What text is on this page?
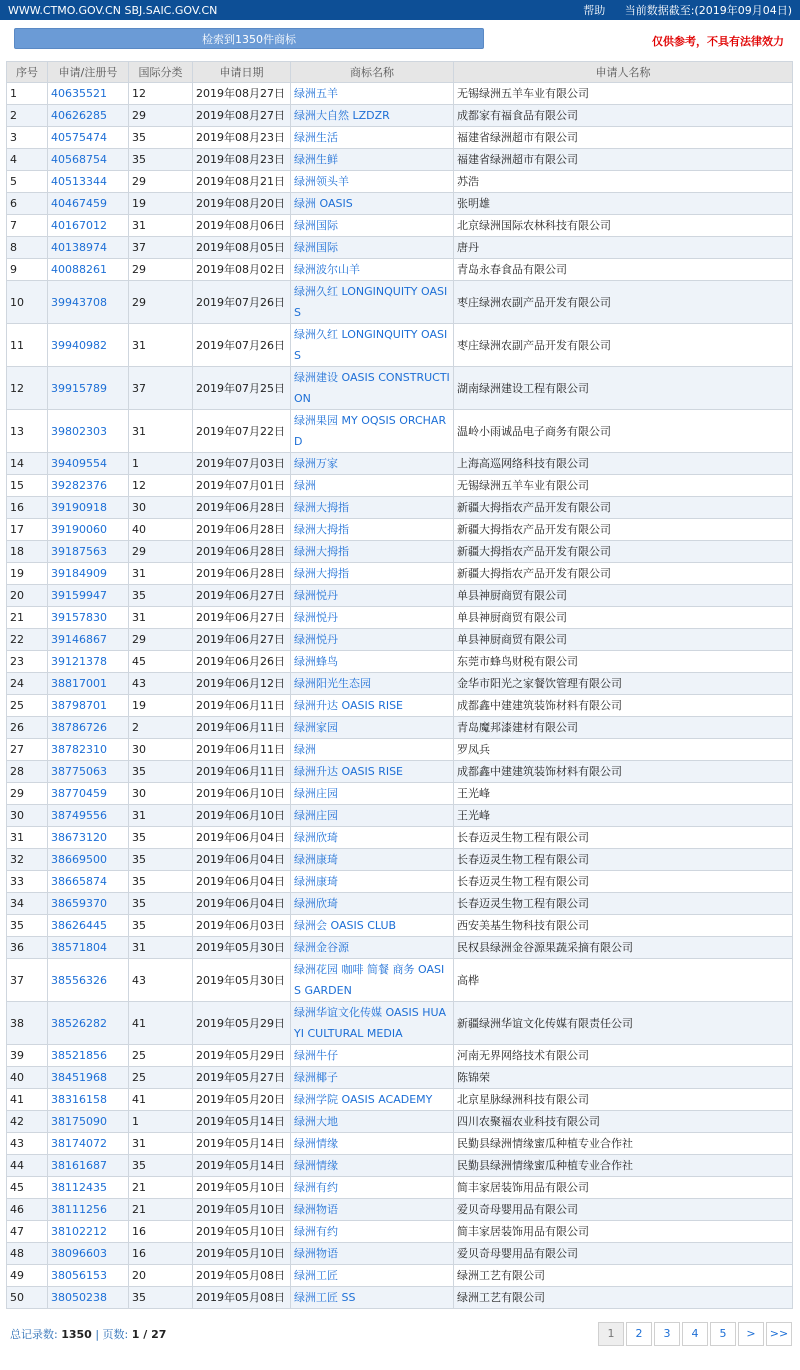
WWW.CTMO.GOV.CN SBJ.SAIC.GOV.CN	帮助 当前数据截至:(2019年09月04日)
检索到1350件商标	仅供参考，不具有法律效力
序号	申请/注册号	国际分类	申请日期	商标名称	申请人名称
1	40635521	12	2019年08月27日	绿洲五羊	无锡绿洲五羊车业有限公司
2	40626285	29	2019年08月27日	绿洲大自然 LZDZR	成都家有福食品有限公司
3	40575474	35	2019年08月23日	绿洲生活	福建省绿洲超市有限公司
4	40568754	35	2019年08月23日	绿洲生鲜	福建省绿洲超市有限公司
5	40513344	29	2019年08月21日	绿洲领头羊	苏浩
6	40467459	19	2019年08月20日	绿洲 OASIS	张明雄
7	40167012	31	2019年08月06日	绿洲国际	北京绿洲国际农林科技有限公司
8	40138974	37	2019年08月05日	绿洲国际	唐丹
9	40088261	29	2019年08月02日	绿洲波尔山羊	青岛永春食品有限公司
10	39943708	29	2019年07月26日	绿洲久红 LONGINQUITY OASIS	枣庄绿洲农副产品开发有限公司
11	39940982	31	2019年07月26日	绿洲久红 LONGINQUITY OASIS	枣庄绿洲农副产品开发有限公司
12	39915789	37	2019年07月25日	绿洲建设 OASIS CONSTRUCTION	湖南绿洲建设工程有限公司
13	39802303	31	2019年07月22日	绿洲果园 MY OQSIS ORCHARD	温岭小雨诚品电子商务有限公司
14	39409554	1	2019年07月03日	绿洲万家	上海高巡网络科技有限公司
15	39282376	12	2019年07月01日	绿洲	无锡绿洲五羊车业有限公司
16	39190918	30	2019年06月28日	绿洲大拇指	新疆大拇指农产品开发有限公司
17	39190060	40	2019年06月28日	绿洲大拇指	新疆大拇指农产品开发有限公司
18	39187563	29	2019年06月28日	绿洲大拇指	新疆大拇指农产品开发有限公司
19	39184909	31	2019年06月28日	绿洲大拇指	新疆大拇指农产品开发有限公司
20	39159947	35	2019年06月27日	绿洲悦丹	单县神厨商贸有限公司
21	39157830	31	2019年06月27日	绿洲悦丹	单县神厨商贸有限公司
22	39146867	29	2019年06月27日	绿洲悦丹	单县神厨商贸有限公司
23	39121378	45	2019年06月26日	绿洲蜂鸟	东莞市蜂鸟财税有限公司
24	38817001	43	2019年06月12日	绿洲阳光生态园	金华市阳光之家餐饮管理有限公司
25	38798701	19	2019年06月11日	绿洲升达 OASIS RISE	成都鑫中建建筑装饰材料有限公司
26	38786726	2	2019年06月11日	绿洲家园	青岛魔邦漆建材有限公司
27	38782310	30	2019年06月11日	绿洲	罗凤兵
28	38775063	35	2019年06月11日	绿洲升达 OASIS RISE	成都鑫中建建筑装饰材料有限公司
29	38770459	30	2019年06月10日	绿洲庄园	王光峰
30	38749556	31	2019年06月10日	绿洲庄园	王光峰
31	38673120	35	2019年06月04日	绿洲欣琦	长春迈灵生物工程有限公司
32	38669500	35	2019年06月04日	绿洲康琦	长春迈灵生物工程有限公司
33	38665874	35	2019年06月04日	绿洲康琦	长春迈灵生物工程有限公司
34	38659370	35	2019年06月04日	绿洲欣琦	长春迈灵生物工程有限公司
35	38626445	35	2019年06月03日	绿洲会 OASIS CLUB	西安美基生物科技有限公司
36	38571804	31	2019年05月30日	绿洲金谷源	民权县绿洲金谷源果蔬采摘有限公司
37	38556326	43	2019年05月30日	绿洲花园 咖啡 简餐 商务 OASIS GARDEN	高桦
38	38526282	41	2019年05月29日	绿洲华谊文化传媒 OASIS HUAYI CULTURAL MEDIA	新疆绿洲华谊文化传媒有限责任公司
39	38521856	25	2019年05月29日	绿洲牛仔	河南无界网络技术有限公司
40	38451968	25	2019年05月27日	绿洲椰子	陈锦荣
41	38316158	41	2019年05月20日	绿洲学院 OASIS ACADEMY	北京星脉绿洲科技有限公司
42	38175090	1	2019年05月14日	绿洲大地	四川农聚福农业科技有限公司
43	38174072	31	2019年05月14日	绿洲情缘	民勤县绿洲情缘蜜瓜种植专业合作社
44	38161687	35	2019年05月14日	绿洲情缘	民勤县绿洲情缘蜜瓜种植专业合作社
45	38112435	21	2019年05月10日	绿洲有约	简丰家居装饰用品有限公司
46	38111256	21	2019年05月10日	绿洲物语	爱贝奇母婴用品有限公司
47	38102212	16	2019年05月10日	绿洲有约	简丰家居装饰用品有限公司
48	38096603	16	2019年05月10日	绿洲物语	爱贝奇母婴用品有限公司
49	38056153	20	2019年05月08日	绿洲工匠	绿洲工艺有限公司
50	38050238	35	2019年05月08日	绿洲工匠 SS	绿洲工艺有限公司
总记录数: 1350 | 页数: 1 / 27	1	2	3	4	5	>	>>
